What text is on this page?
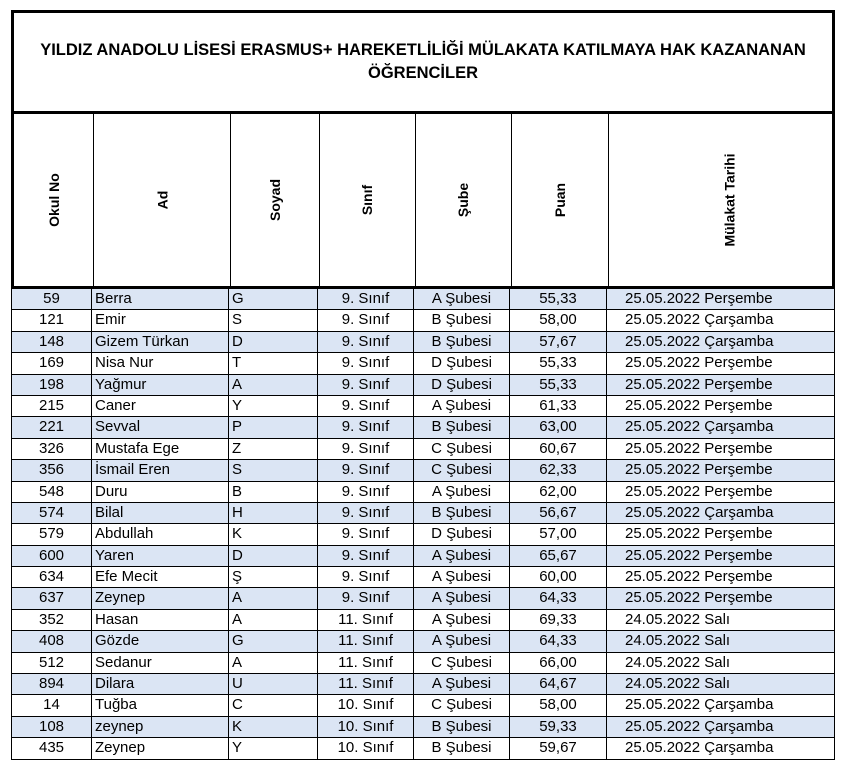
YILDIZ ANADOLU LİSESİ ERASMUS+ HAREKETLİLİĞİ MÜLAKATA KATILMAYA HAK KAZANANAN ÖĞRENCİLER
Okul No	Ad	Soyad	Sınıf	Şube	Puan	Mülakat Tarihi
59	Berra	G	9. Sınıf	A Şubesi	55,33	25.05.2022 Perşembe
121	Emir	S	9. Sınıf	B Şubesi	58,00	25.05.2022 Çarşamba
148	Gizem Türkan	D	9. Sınıf	B Şubesi	57,67	25.05.2022 Çarşamba
169	Nisa Nur	T	9. Sınıf	D Şubesi	55,33	25.05.2022 Perşembe
198	Yağmur	A	9. Sınıf	D Şubesi	55,33	25.05.2022 Perşembe
215	Caner	Y	9. Sınıf	A Şubesi	61,33	25.05.2022 Perşembe
221	Sevval	P	9. Sınıf	B Şubesi	63,00	25.05.2022 Çarşamba
326	Mustafa Ege	Z	9. Sınıf	C Şubesi	60,67	25.05.2022 Perşembe
356	İsmail Eren	S	9. Sınıf	C Şubesi	62,33	25.05.2022 Perşembe
548	Duru	B	9. Sınıf	A Şubesi	62,00	25.05.2022 Perşembe
574	Bilal	H	9. Sınıf	B Şubesi	56,67	25.05.2022 Çarşamba
579	Abdullah	K	9. Sınıf	D Şubesi	57,00	25.05.2022 Perşembe
600	Yaren	D	9. Sınıf	A Şubesi	65,67	25.05.2022 Perşembe
634	Efe Mecit	Ş	9. Sınıf	A Şubesi	60,00	25.05.2022 Perşembe
637	Zeynep	A	9. Sınıf	A Şubesi	64,33	25.05.2022 Perşembe
352	Hasan	A	11. Sınıf	A Şubesi	69,33	24.05.2022 Salı
408	Gözde	G	11. Sınıf	A Şubesi	64,33	24.05.2022 Salı
512	Sedanur	A	11. Sınıf	C Şubesi	66,00	24.05.2022 Salı
894	Dilara	U	11. Sınıf	A Şubesi	64,67	24.05.2022 Salı
14	Tuğba	C	10. Sınıf	C Şubesi	58,00	25.05.2022 Çarşamba
108	zeynep	K	10. Sınıf	B Şubesi	59,33	25.05.2022 Çarşamba
435	Zeynep	Y	10. Sınıf	B Şubesi	59,67	25.05.2022 Çarşamba
